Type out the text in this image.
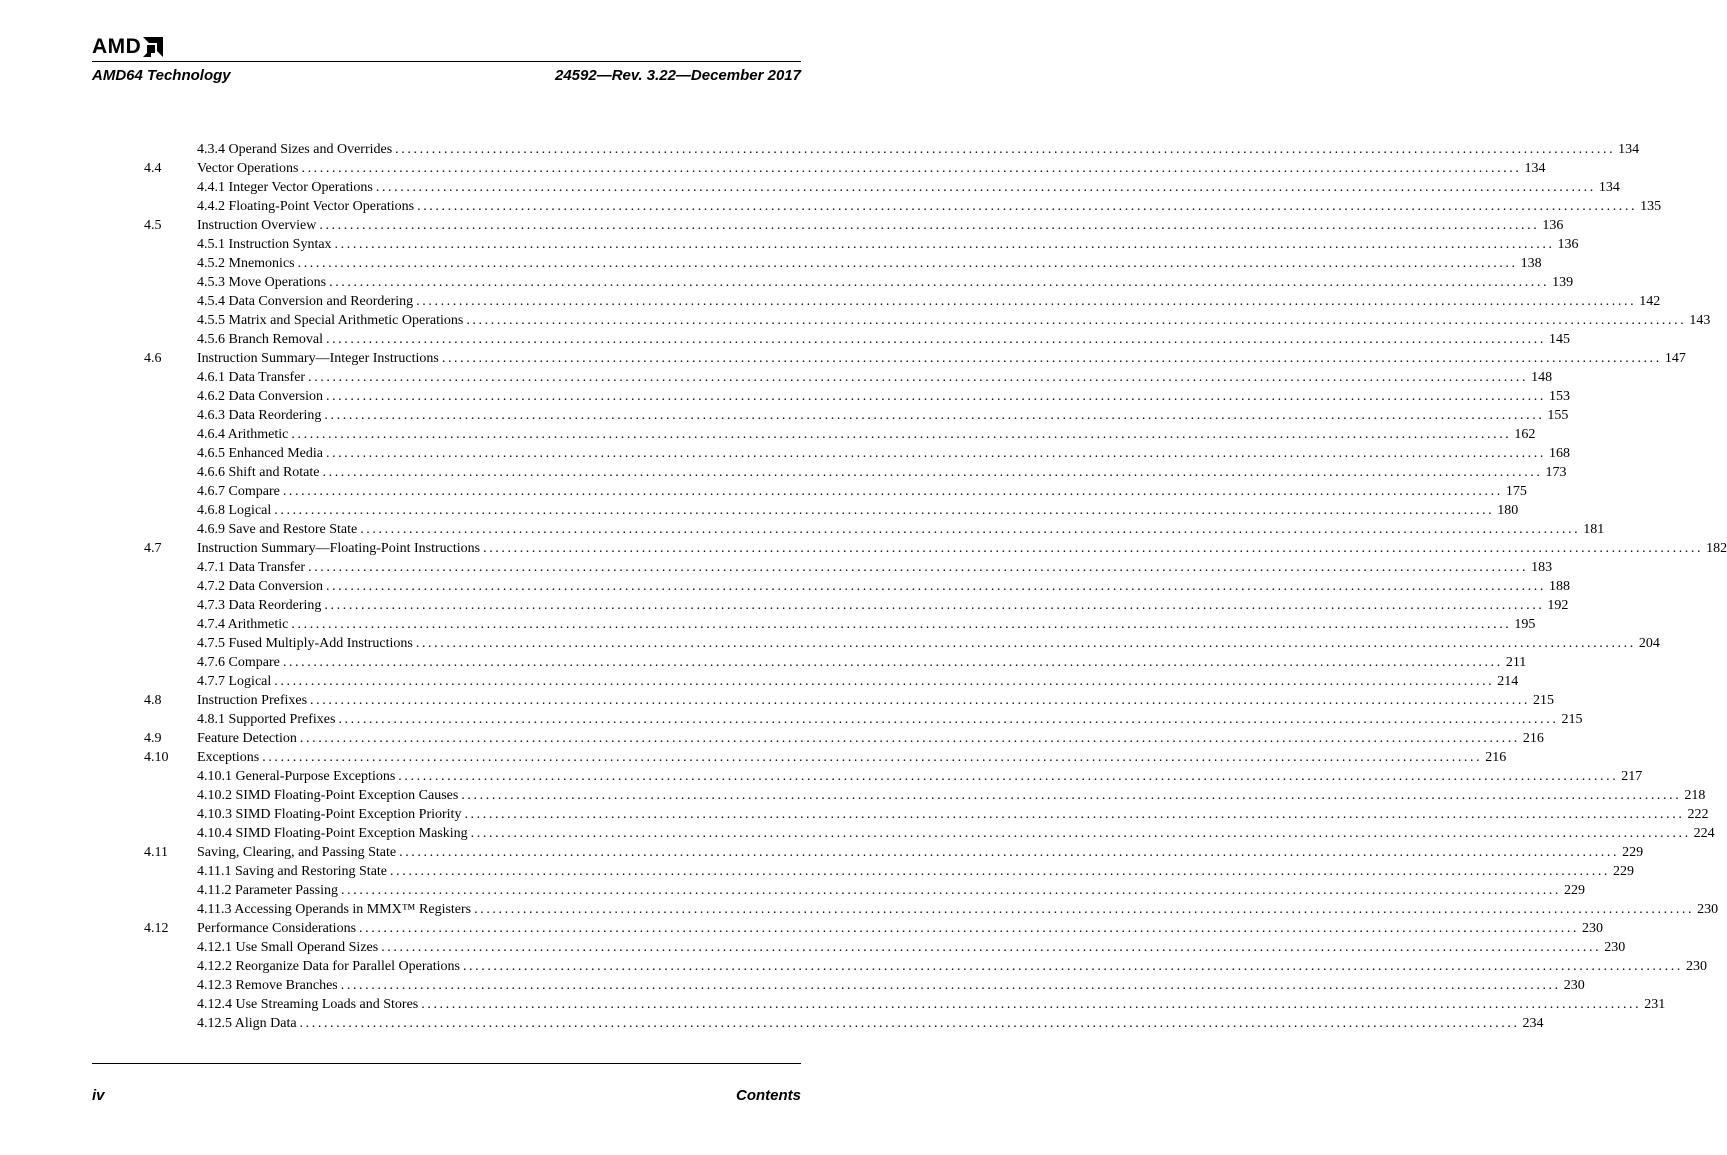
AMD
AMD64 Technology	24592—Rev. 3.22—December 2017
4.3.4 Operand Sizes and Overrides ........................................................................................................................................................................................................ 134
4.4	Vector Operations ........................................................................................................................................................................................................ 134
4.4.1 Integer Vector Operations ........................................................................................................................................................................................................ 134
4.4.2 Floating-Point Vector Operations ........................................................................................................................................................................................................ 135
4.5	Instruction Overview ........................................................................................................................................................................................................ 136
4.5.1 Instruction Syntax ........................................................................................................................................................................................................ 136
4.5.2 Mnemonics ........................................................................................................................................................................................................ 138
4.5.3 Move Operations ........................................................................................................................................................................................................ 139
4.5.4 Data Conversion and Reordering ........................................................................................................................................................................................................ 142
4.5.5 Matrix and Special Arithmetic Operations ........................................................................................................................................................................................................ 143
4.5.6 Branch Removal ........................................................................................................................................................................................................ 145
4.6	Instruction Summary—Integer Instructions ........................................................................................................................................................................................................ 147
4.6.1 Data Transfer ........................................................................................................................................................................................................ 148
4.6.2 Data Conversion ........................................................................................................................................................................................................ 153
4.6.3 Data Reordering ........................................................................................................................................................................................................ 155
4.6.4 Arithmetic ........................................................................................................................................................................................................ 162
4.6.5 Enhanced Media ........................................................................................................................................................................................................ 168
4.6.6 Shift and Rotate ........................................................................................................................................................................................................ 173
4.6.7 Compare ........................................................................................................................................................................................................ 175
4.6.8 Logical ........................................................................................................................................................................................................ 180
4.6.9 Save and Restore State ........................................................................................................................................................................................................ 181
4.7	Instruction Summary—Floating-Point Instructions ........................................................................................................................................................................................................ 182
4.7.1 Data Transfer ........................................................................................................................................................................................................ 183
4.7.2 Data Conversion ........................................................................................................................................................................................................ 188
4.7.3 Data Reordering ........................................................................................................................................................................................................ 192
4.7.4 Arithmetic ........................................................................................................................................................................................................ 195
4.7.5 Fused Multiply-Add Instructions ........................................................................................................................................................................................................ 204
4.7.6 Compare ........................................................................................................................................................................................................ 211
4.7.7 Logical ........................................................................................................................................................................................................ 214
4.8	Instruction Prefixes ........................................................................................................................................................................................................ 215
4.8.1 Supported Prefixes ........................................................................................................................................................................................................ 215
4.9	Feature Detection ........................................................................................................................................................................................................ 216
4.10	Exceptions ........................................................................................................................................................................................................ 216
4.10.1 General-Purpose Exceptions ........................................................................................................................................................................................................ 217
4.10.2 SIMD Floating-Point Exception Causes ........................................................................................................................................................................................................ 218
4.10.3 SIMD Floating-Point Exception Priority ........................................................................................................................................................................................................ 222
4.10.4 SIMD Floating-Point Exception Masking ........................................................................................................................................................................................................ 224
4.11	Saving, Clearing, and Passing State ........................................................................................................................................................................................................ 229
4.11.1 Saving and Restoring State ........................................................................................................................................................................................................ 229
4.11.2 Parameter Passing ........................................................................................................................................................................................................ 229
4.11.3 Accessing Operands in MMX™ Registers ........................................................................................................................................................................................................ 230
4.12	Performance Considerations ........................................................................................................................................................................................................ 230
4.12.1 Use Small Operand Sizes ........................................................................................................................................................................................................ 230
4.12.2 Reorganize Data for Parallel Operations ........................................................................................................................................................................................................ 230
4.12.3 Remove Branches ........................................................................................................................................................................................................ 230
4.12.4 Use Streaming Loads and Stores ........................................................................................................................................................................................................ 231
4.12.5 Align Data ........................................................................................................................................................................................................ 234
iv	Contents
